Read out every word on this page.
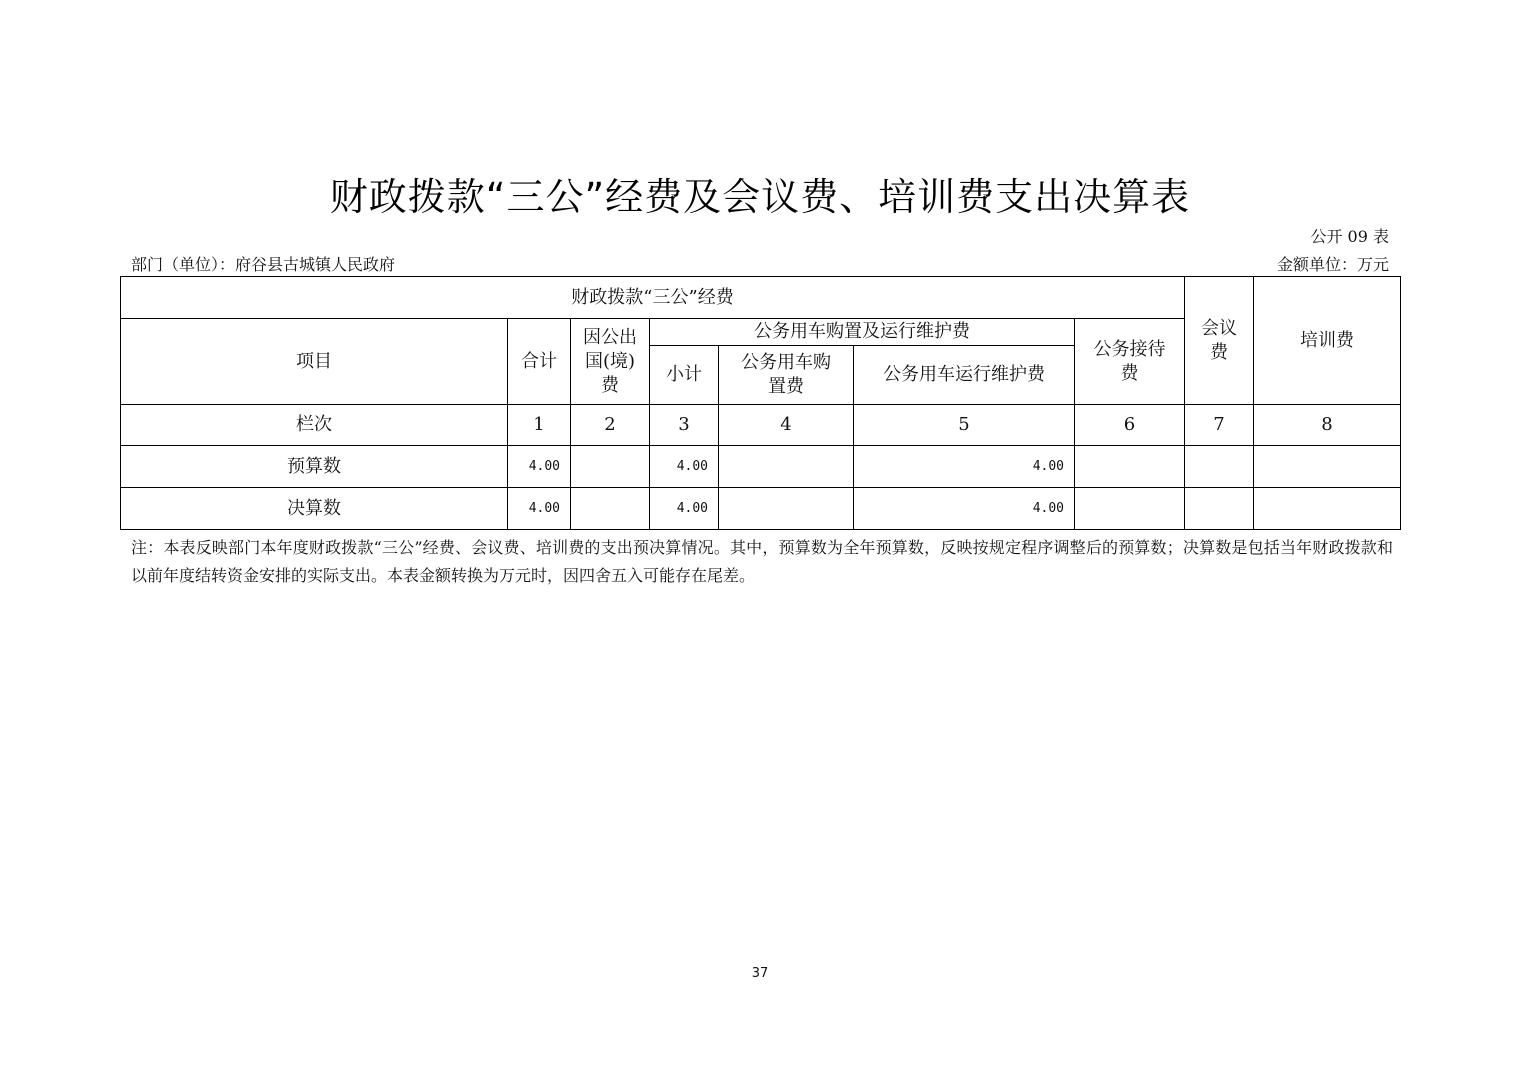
财政拨款“三公”经费及会议费、培训费支出决算表
公开 09 表
部门（单位）：府谷县古城镇人民政府	金额单位：万元
财政拨款“三公”经费							会议费	培训费
项目	合计	因公出国(境)费	公务用车购置及运行维护费			公务接待费		

			小计	公务用车购置费	公务用车运行维护费			
栏次	1	2	3	4	5	6	7	8
预算数	4.00		4.00		4.00			
决算数	4.00		4.00		4.00			
注：本表反映部门本年度财政拨款“三公”经费、会议费、培训费的支出预决算情况。其中，预算数为全年预算数，反映按规定程序调整后的预算数；决算数是包括当年财政拨款和以前年度结转资金安排的实际支出。本表金额转换为万元时，因四舍五入可能存在尾差。
37
